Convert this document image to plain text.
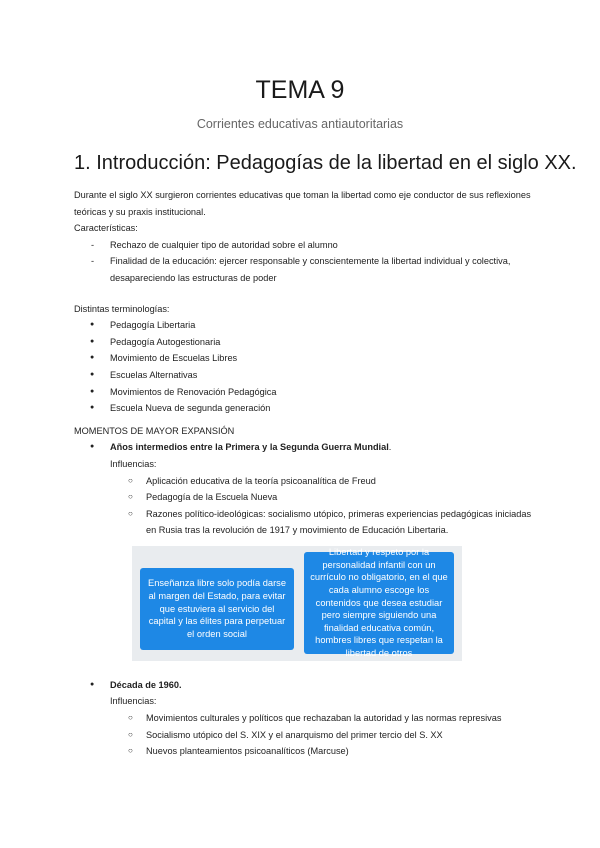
TEMA 9
Corrientes educativas antiautoritarias
1. Introducción: Pedagogías de la libertad en el siglo XX.

Durante el siglo XX surgieron corrientes educativas que toman la libertad como eje conductor de sus reflexiones teóricas y su praxis institucional.

Características:

- Rechazo de cualquier tipo de autoridad sobre el alumno
- Finalidad de la educación: ejercer responsable y conscientemente la libertad individual y colectiva, desapareciendo las estructuras de poder

Distintas terminologías:

● Pedagogía Libertaria
● Pedagogía Autogestionaria
● Movimiento de Escuelas Libres
● Escuelas Alternativas
● Movimientos de Renovación Pedagógica
● Escuela Nueva de segunda generación

MOMENTOS DE MAYOR EXPANSIÓN

● Años intermedios entre la Primera y la Segunda Guerra Mundial.

Influencias:

○ Aplicación educativa de la teoría psicoanalítica de Freud
○ Pedagogía de la Escuela Nueva
○ Razones político-ideológicas: socialismo utópico, primeras experiencias pedagógicas iniciadas en Rusia tras la revolución de 1917 y movimiento de Educación Libertaria.
Enseñanza libre solo podía darse al margen del Estado, para evitar que estuviera al servicio del capital y las élites para perpetuar el orden social
Libertad y respeto por la personalidad infantil con un currículo no obligatorio, en el que cada alumno escoge los contenidos que desea estudiar pero siempre siguiendo una finalidad educativa común, hombres libres que respetan la libertad de otros
● Década de 1960.

Influencias:

○ Movimientos culturales y políticos que rechazaban la autoridad y las normas represivas
○ Socialismo utópico del S. XIX y el anarquismo del primer tercio del S. XX
○ Nuevos planteamientos psicoanalíticos (Marcuse)
